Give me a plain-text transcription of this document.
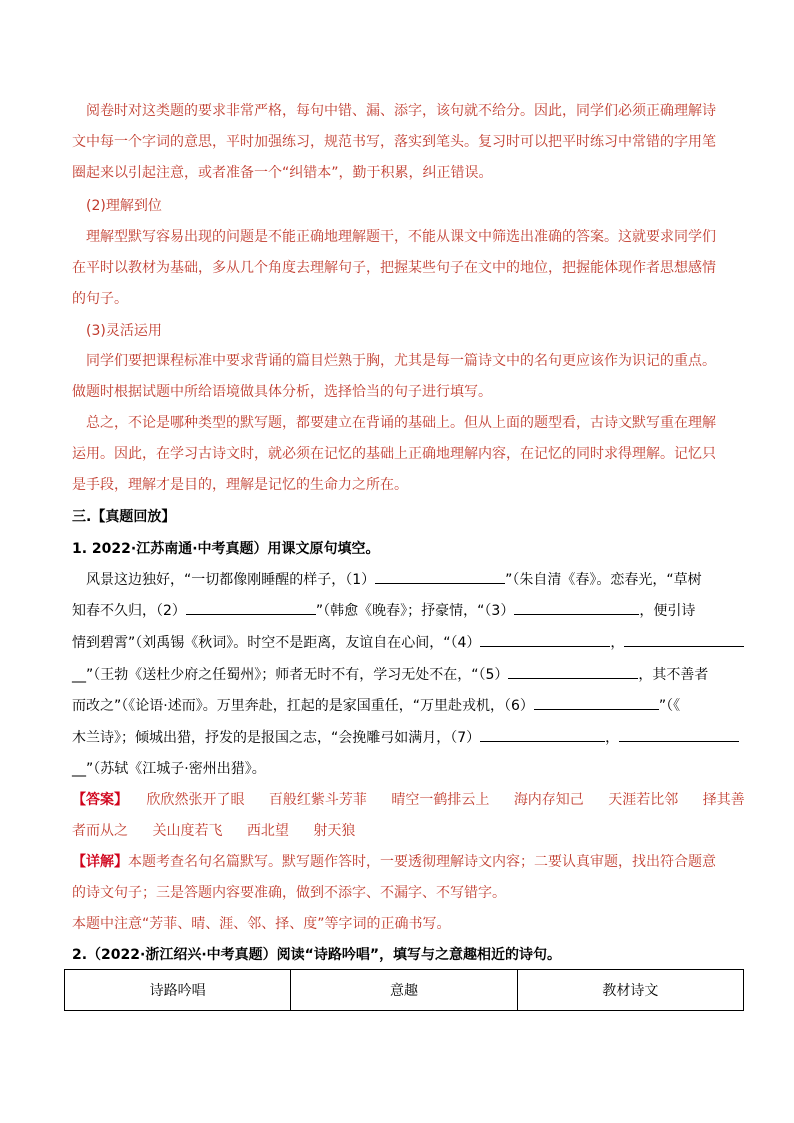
阅卷时对这类题的要求非常严格，每句中错、漏、添字，该句就不给分。因此，同学们必须正确理解诗
文中每一个字词的意思，平时加强练习，规范书写，落实到笔头。复习时可以把平时练习中常错的字用笔
圈起来以引起注意，或者准备一个“纠错本”，勤于积累，纠正错误。
(2)理解到位
理解型默写容易出现的问题是不能正确地理解题干，不能从课文中筛选出准确的答案。这就要求同学们
在平时以教材为基础，多从几个角度去理解句子，把握某些句子在文中的地位，把握能体现作者思想感情
的句子。
(3)灵活运用
同学们要把课程标准中要求背诵的篇目烂熟于胸，尤其是每一篇诗文中的名句更应该作为识记的重点。
做题时根据试题中所给语境做具体分析，选择恰当的句子进行填写。
总之，不论是哪种类型的默写题，都要建立在背诵的基础上。但从上面的题型看，古诗文默写重在理解
运用。因此，在学习古诗文时，就必须在记忆的基础上正确地理解内容，在记忆的同时求得理解。记忆只
是手段，理解才是目的，理解是记忆的生命力之所在。
三.【真题回放】
1. 2022·江苏南通·中考真题）用课文原句填空。
风景这边独好，“一切都像刚睡醒的样子，（1）	”（朱自清《春》。恋春光，“草树
知春不久归，（2）	”（韩愈《晚春》；抒豪情，“（3）	，便引诗
情到碧霄”（刘禹锡《秋词》。时空不是距离，友谊自在心间，“（4）	，
__”（王勃《送杜少府之任蜀州》；师者无时不有，学习无处不在，“（5）	，其不善者
而改之”（《论语·述而》。万里奔赴，扛起的是家国重任，“万里赴戎机，（6）	”（《
木兰诗》；倾城出猎，抒发的是报国之志，“会挽雕弓如满月，（7）	，
__”（苏轼《江城子·密州出猎》。
【答案】 欣欣然张开了眼 百般红紫斗芳菲 晴空一鹤排云上 海内存知己 天涯若比邻 择其善
者而从之 关山度若飞 西北望 射天狼
【详解】本题考查名句名篇默写。默写题作答时，一要透彻理解诗文内容；二要认真审题，找出符合题意
的诗文句子；三是答题内容要准确，做到不添字、不漏字、不写错字。
本题中注意“芳菲、晴、涯、邻、择、度”等字词的正确书写。
2.（2022·浙江绍兴·中考真题）阅读“诗路吟唱”，填写与之意趣相近的诗句。
诗路吟唱	意趣	教材诗文
